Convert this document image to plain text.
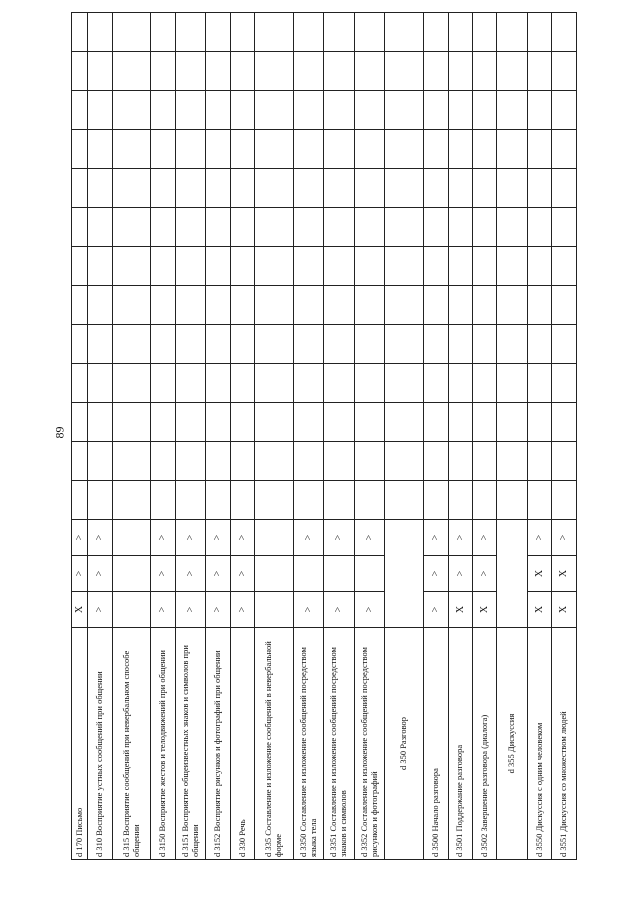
89
d 170 Письмо	X	>	>													
d 310 Восприятие устных сообщений при общении	>	>	>													
d 315 Восприятие сообщений при невербальном способе общении																
d 3150 Восприятие жестов и телодвижений при общении	>	>	>													
d 3151 Восприятие общеизвестных знаков и символов при общении	>	>	>													
d 3152 Восприятие рисунков и фотографий при общении	>	>	>													
d 330 Речь	>	>	>													
d 335 Составление и изложение сообщений в невербальной форме																
d 3350 Составление и изложение сообщений посредством языка тела	>		>													
d 3351 Составление и изложение сообщений посредством знаков и символов	>		>													
d 3352 Составление и изложение сообщений посредством рисунков и фотографий	>		>													
d 350 Разговор																
d 3500 Начало разговора	>	>	>													
d 3501 Поддержание разговора	X	>	>													
d 3502 Завершение разговора (диалога)	X	>	>													
d 355 Дискуссия																
d 3550 Дискуссия с одним человеком	X	X	>													
d 3551 Дискуссия со множеством людей	X	X	>													
